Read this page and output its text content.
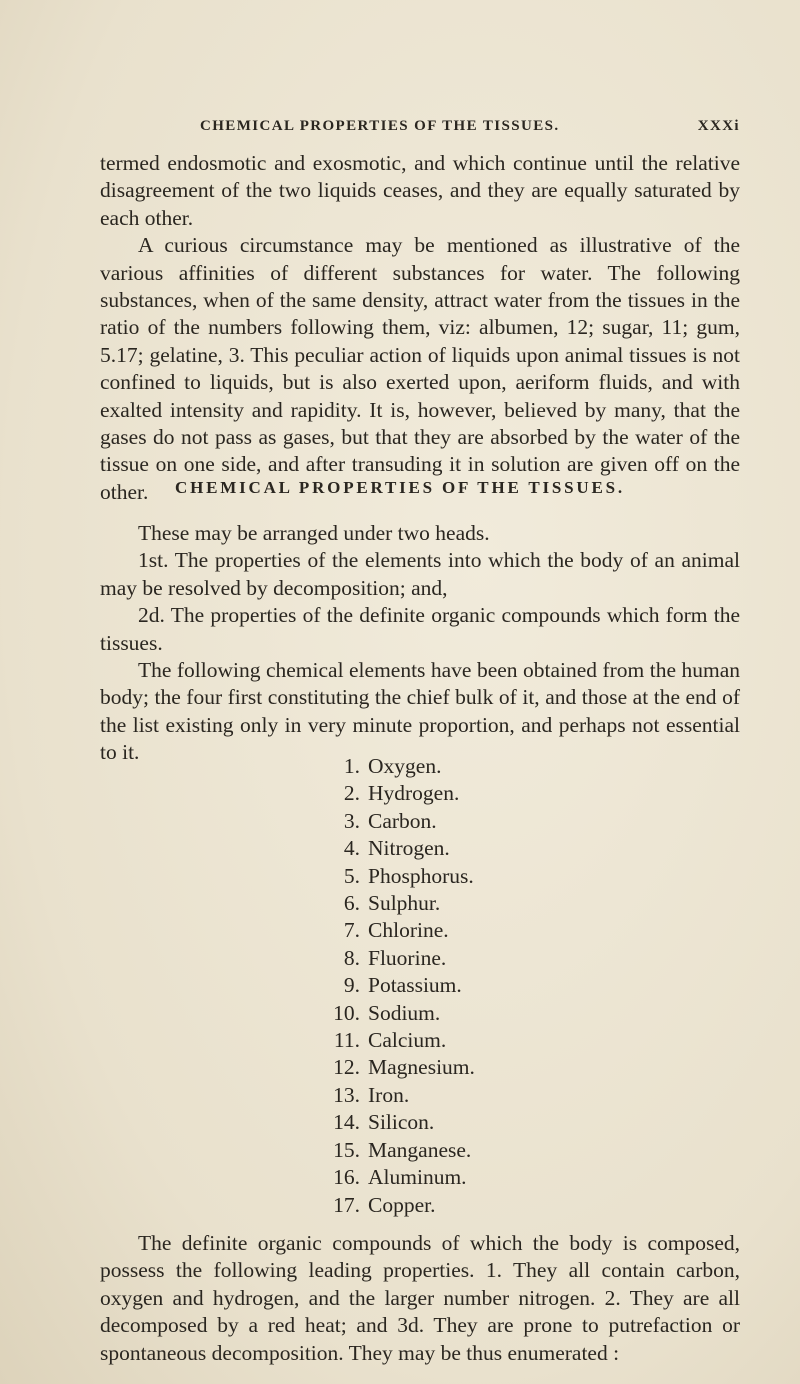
CHEMICAL PROPERTIES OF THE TISSUES.	XXXi

termed endosmotic and exosmotic, and which continue until the relative disagreement of the two liquids ceases, and they are equally saturated by each other.

A curious circumstance may be mentioned as illustrative of the various affinities of different substances for water. The following substances, when of the same density, attract water from the tissues in the ratio of the numbers following them, viz: albumen, 12; sugar, 11; gum, 5.17; gelatine, 3. This peculiar action of liquids upon animal tissues is not confined to liquids, but is also exerted upon, aeriform fluids, and with exalted intensity and rapidity. It is, however, believed by many, that the gases do not pass as gases, but that they are absorbed by the water of the tissue on one side, and after transuding it in solution are given off on the other.	CHEMICAL PROPERTIES OF THE TISSUES.

These may be arranged under two heads.

1st. The properties of the elements into which the body of an animal may be resolved by decomposition; and,

2d. The properties of the definite organic compounds which form the tissues.

The following chemical elements have been obtained from the human body; the four first constituting the chief bulk of it, and those at the end of the list existing only in very minute proportion, and perhaps not essential to it.

1. Oxygen.
2. Hydrogen.
3. Carbon.
4. Nitrogen.
5. Phosphorus.
6. Sulphur.
7. Chlorine.
8. Fluorine.
9. Potassium.
10. Sodium.
11. Calcium.
12. Magnesium.
13. Iron.
14. Silicon.
15. Manganese.
16. Aluminum.
17. Copper.

The definite organic compounds of which the body is composed, possess the following leading properties. 1. They all contain carbon, oxygen and hydrogen, and the larger number nitrogen. 2. They are all decomposed by a red heat; and 3d. They are prone to putrefaction or spontaneous decomposition. They may be thus enumerated :
